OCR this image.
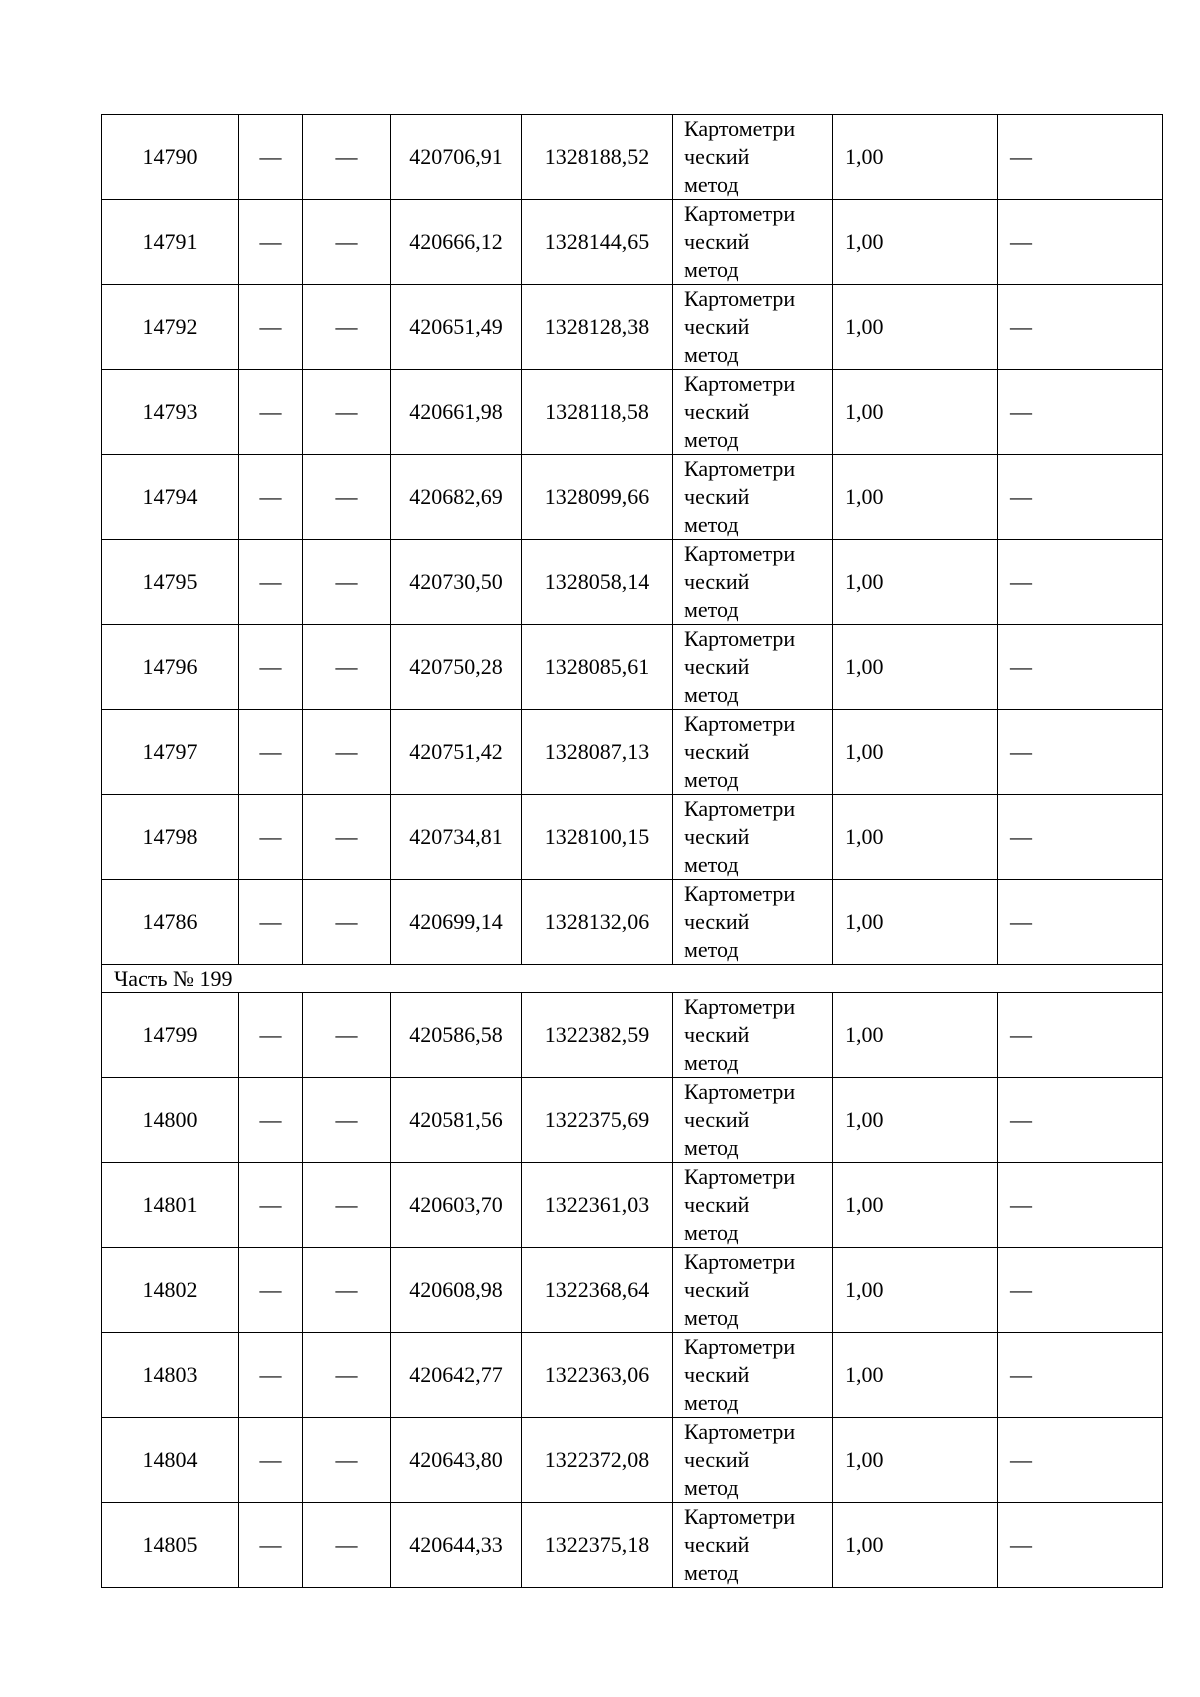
14790	—	—	420706,91	1328188,52	Картометри
ческий
метод	1,00	—
14791	—	—	420666,12	1328144,65	Картометри
ческий
метод	1,00	—
14792	—	—	420651,49	1328128,38	Картометри
ческий
метод	1,00	—
14793	—	—	420661,98	1328118,58	Картометри
ческий
метод	1,00	—
14794	—	—	420682,69	1328099,66	Картометри
ческий
метод	1,00	—
14795	—	—	420730,50	1328058,14	Картометри
ческий
метод	1,00	—
14796	—	—	420750,28	1328085,61	Картометри
ческий
метод	1,00	—
14797	—	—	420751,42	1328087,13	Картометри
ческий
метод	1,00	—
14798	—	—	420734,81	1328100,15	Картометри
ческий
метод	1,00	—
14786	—	—	420699,14	1328132,06	Картометри
ческий
метод	1,00	—
Часть № 199							
14799	—	—	420586,58	1322382,59	Картометри
ческий
метод	1,00	—
14800	—	—	420581,56	1322375,69	Картометри
ческий
метод	1,00	—
14801	—	—	420603,70	1322361,03	Картометри
ческий
метод	1,00	—
14802	—	—	420608,98	1322368,64	Картометри
ческий
метод	1,00	—
14803	—	—	420642,77	1322363,06	Картометри
ческий
метод	1,00	—
14804	—	—	420643,80	1322372,08	Картометри
ческий
метод	1,00	—
14805	—	—	420644,33	1322375,18	Картометри
ческий
метод	1,00	—
